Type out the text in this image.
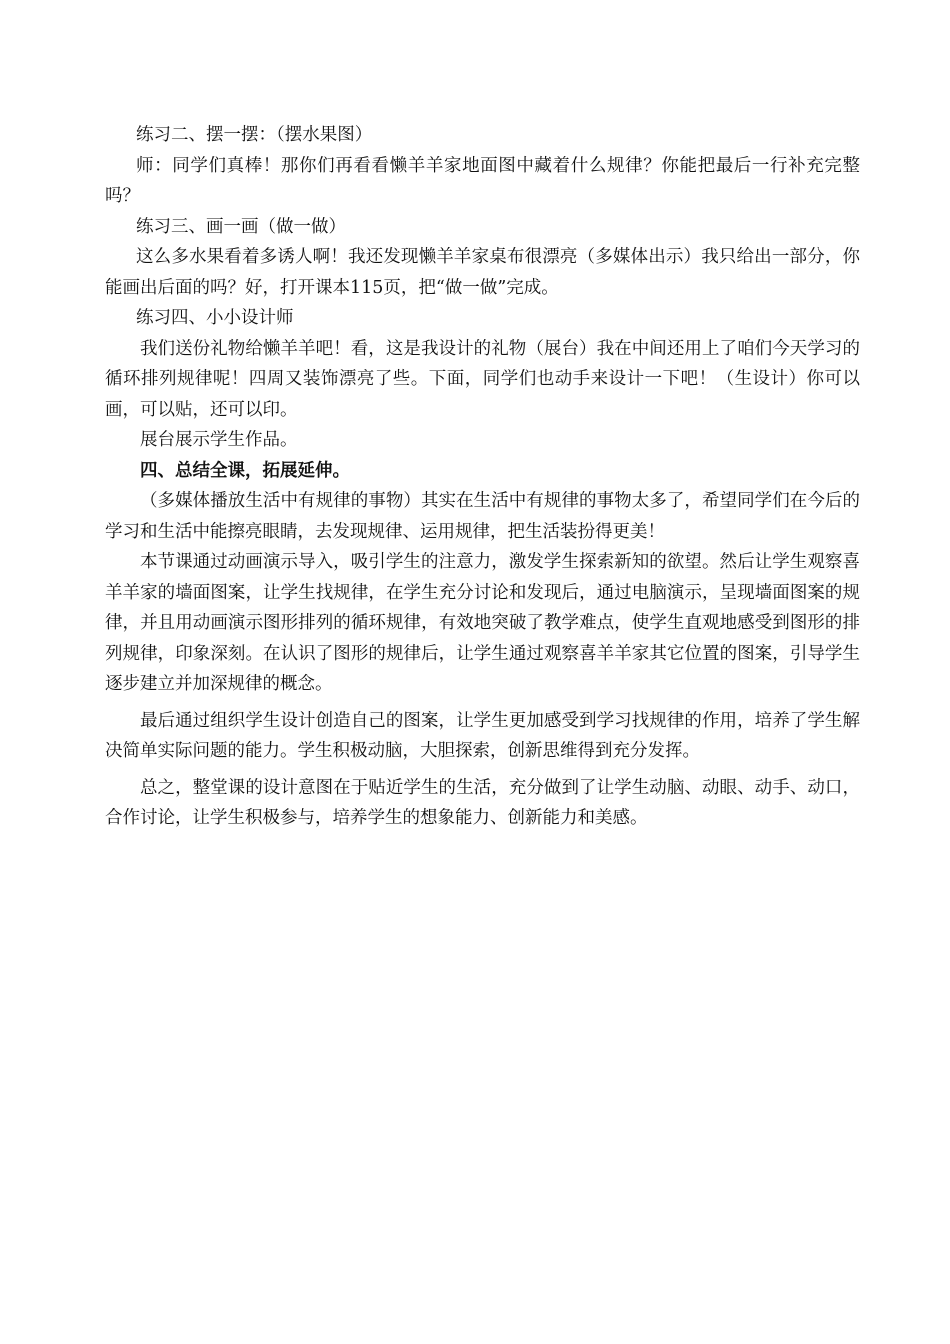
练习二、摆一摆：（摆水果图）

师：同学们真棒！那你们再看看懒羊羊家地面图中藏着什么规律？你能把最后一行补充完整吗？

练习三、画一画（做一做）

这么多水果看着多诱人啊！我还发现懒羊羊家桌布很漂亮（多媒体出示）我只给出一部分，你能画出后面的吗？好，打开课本115页，把“做一做”完成。

练习四、小小设计师

我们送份礼物给懒羊羊吧！看，这是我设计的礼物（展台）我在中间还用上了咱们今天学习的循环排列规律呢！四周又装饰漂亮了些。下面，同学们也动手来设计一下吧！（生设计）你可以画，可以贴，还可以印。

展台展示学生作品。

四、总结全课，拓展延伸。

（多媒体播放生活中有规律的事物）其实在生活中有规律的事物太多了，希望同学们在今后的学习和生活中能擦亮眼睛，去发现规律、运用规律，把生活装扮得更美！

本节课通过动画演示导入，吸引学生的注意力，激发学生探索新知的欲望。然后让学生观察喜羊羊家的墙面图案，让学生找规律，在学生充分讨论和发现后，通过电脑演示，呈现墙面图案的规律，并且用动画演示图形排列的循环规律，有效地突破了教学难点，使学生直观地感受到图形的排列规律，印象深刻。在认识了图形的规律后，让学生通过观察喜羊羊家其它位置的图案，引导学生逐步建立并加深规律的概念。

最后通过组织学生设计创造自己的图案，让学生更加感受到学习找规律的作用，培养了学生解决简单实际问题的能力。学生积极动脑，大胆探索，创新思维得到充分发挥。

总之，整堂课的设计意图在于贴近学生的生活，充分做到了让学生动脑、动眼、动手、动口，合作讨论，让学生积极参与，培养学生的想象能力、创新能力和美感。
